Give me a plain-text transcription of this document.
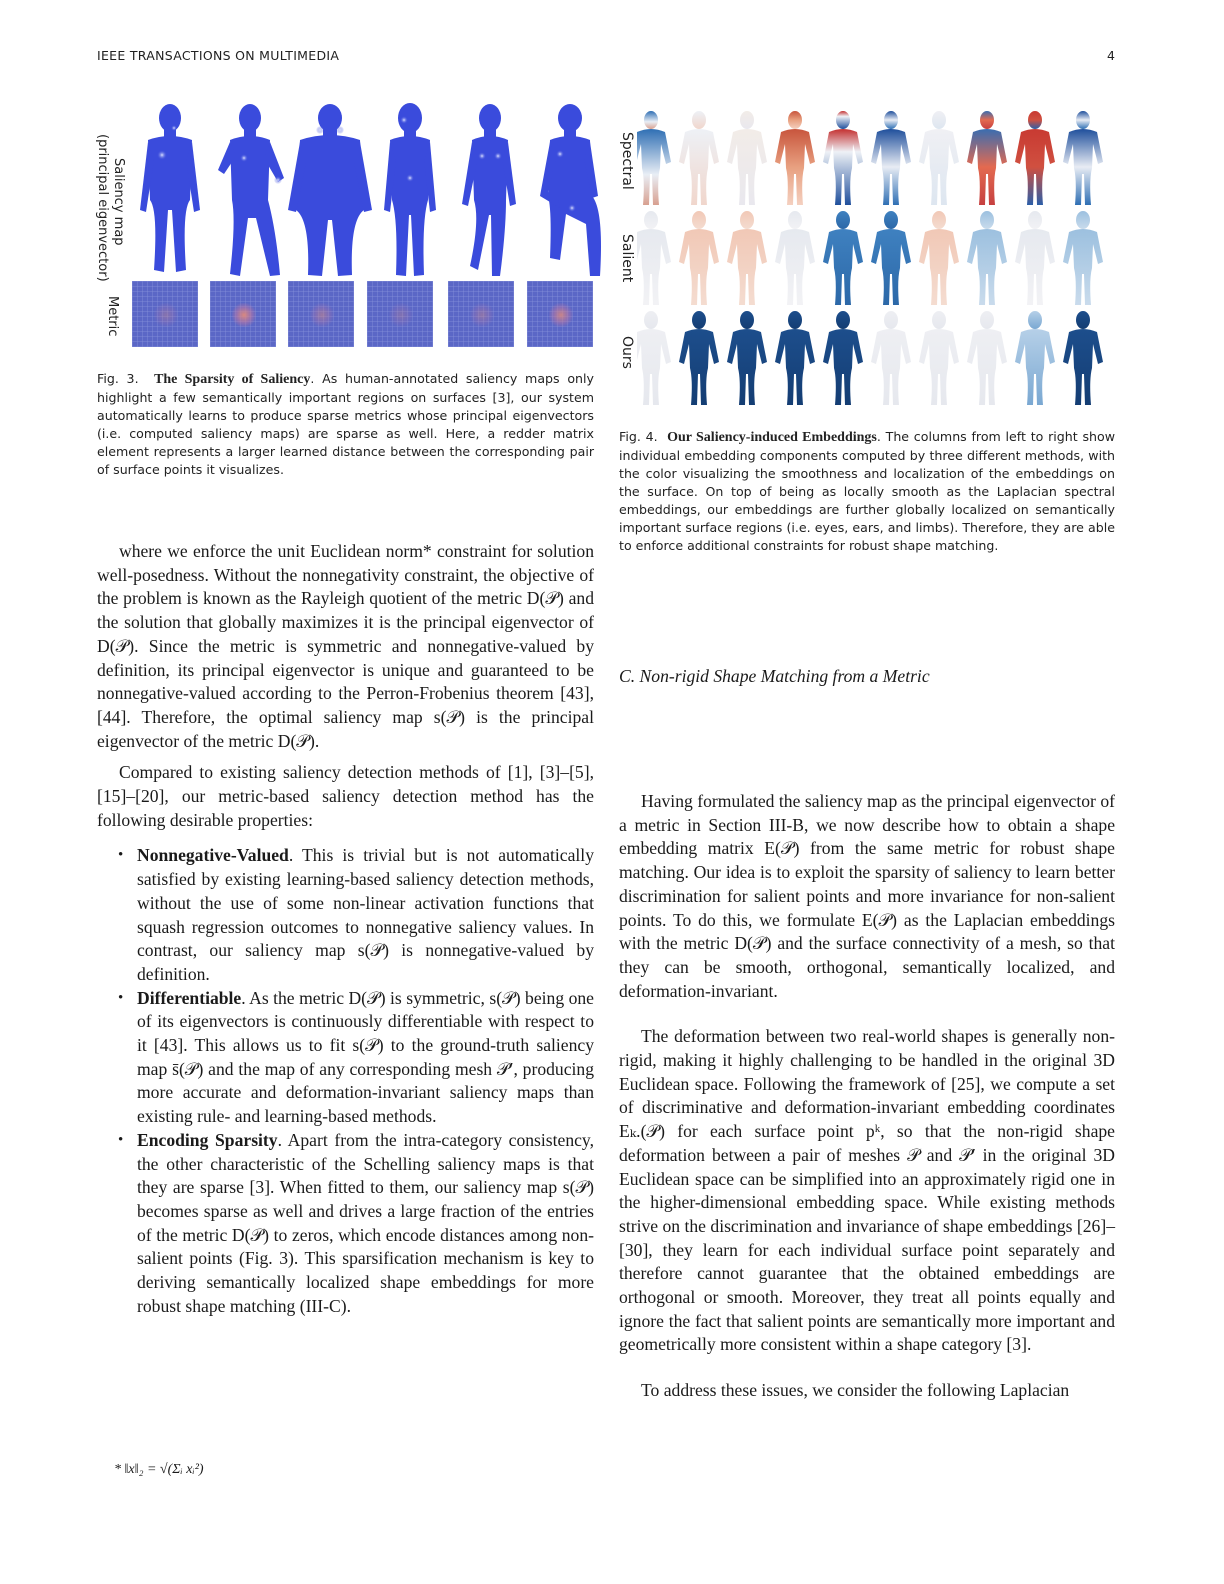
IEEE TRANSACTIONS ON MULTIMEDIA	4
Saliency map
(principal eigenvector)
Metric
Fig. 3. The Sparsity of Saliency. As human-annotated saliency maps only highlight a few semantically important regions on surfaces [3], our system automatically learns to produce sparse metrics whose principal eigenvectors (i.e. computed saliency maps) are sparse as well. Here, a redder matrix element represents a larger learned distance between the corresponding pair of surface points it visualizes.
Spectral
Salient
Ours
Fig. 4. Our Saliency-induced Embeddings. The columns from left to right show individual embedding components computed by three different methods, with the color visualizing the smoothness and localization of the embeddings on the surface. On top of being as locally smooth as the Laplacian spectral embeddings, our embeddings are further globally localized on semantically important surface regions (i.e. eyes, ears, and limbs). Therefore, they are able to enforce additional constraints for robust shape matching.

where we enforce the unit Euclidean norm* constraint for solution well-posedness. Without the nonnegativity constraint, the objective of the problem is known as the Rayleigh quotient of the metric D(𝒫) and the solution that globally maximizes it is the principal eigenvector of D(𝒫). Since the metric is symmetric and nonnegative-valued by definition, its principal eigenvector is unique and guaranteed to be nonnegative-valued according to the Perron-Frobenius theorem [43], [44]. Therefore, the optimal saliency map s(𝒫) is the principal eigenvector of the metric D(𝒫).

Compared to existing saliency detection methods of [1], [3]–[5], [15]–[20], our metric-based saliency detection method has the following desirable properties:

• Nonnegative-Valued. This is trivial but is not automatically satisfied by existing learning-based saliency detection methods, without the use of some non-linear activation functions that squash regression outcomes to nonnegative saliency values. In contrast, our saliency map s(𝒫) is nonnegative-valued by definition.
• Differentiable. As the metric D(𝒫) is symmetric, s(𝒫) being one of its eigenvectors is continuously differentiable with respect to it [43]. This allows us to fit s(𝒫) to the ground-truth saliency map s̄(𝒫) and the map of any corresponding mesh 𝒫′, producing more accurate and deformation-invariant saliency maps than existing rule- and learning-based methods.
• Encoding Sparsity. Apart from the intra-category consistency, the other characteristic of the Schelling saliency maps is that they are sparse [3]. When fitted to them, our saliency map s(𝒫) becomes sparse as well and drives a large fraction of the entries of the metric D(𝒫) to zeros, which encode distances among non-salient points (Fig. 3). This sparsification mechanism is key to deriving semantically localized shape embeddings for more robust shape matching (III-C).
* ‖x‖₂ = √(Σᵢ xᵢ²)
C. Non-rigid Shape Matching from a Metric

Having formulated the saliency map as the principal eigenvector of a metric in Section III-B, we now describe how to obtain a shape embedding matrix E(𝒫) from the same metric for robust shape matching. Our idea is to exploit the sparsity of saliency to learn better discrimination for salient points and more invariance for non-salient points. To do this, we formulate E(𝒫) as the Laplacian embeddings with the metric D(𝒫) and the surface connectivity of a mesh, so that they can be smooth, orthogonal, semantically localized, and deformation-invariant.

The deformation between two real-world shapes is generally non-rigid, making it highly challenging to be handled in the original 3D Euclidean space. Following the framework of [25], we compute a set of discriminative and deformation-invariant embedding coordinates Eₖ.(𝒫) for each surface point pᵏ, so that the non-rigid shape deformation between a pair of meshes 𝒫 and 𝒫′ in the original 3D Euclidean space can be simplified into an approximately rigid one in the higher-dimensional embedding space. While existing methods strive on the discrimination and invariance of shape embeddings [26]–[30], they learn for each individual surface point separately and therefore cannot guarantee that the obtained embeddings are orthogonal or smooth. Moreover, they treat all points equally and ignore the fact that salient points are semantically more important and geometrically more consistent within a shape category [3].

To address these issues, we consider the following Laplacian
